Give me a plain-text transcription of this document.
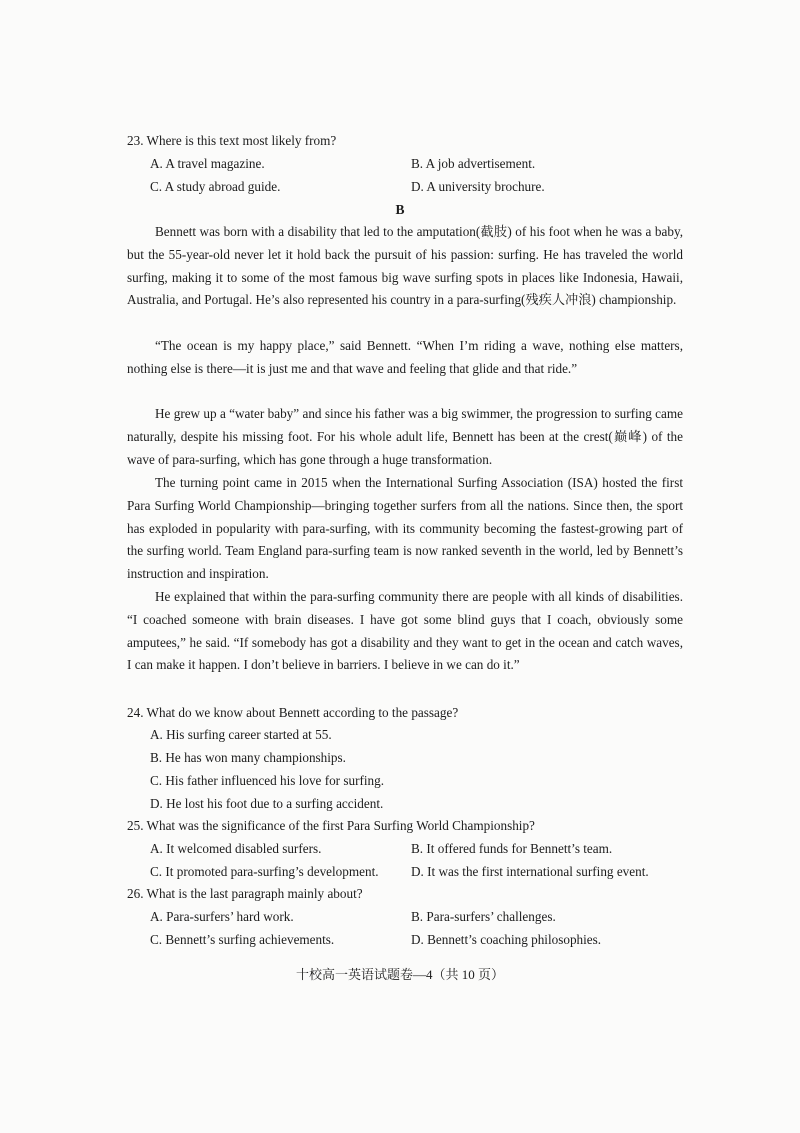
23. Where is this text most likely from?
A. A travel magazine.	B. A job advertisement.
C. A study abroad guide.	D. A university brochure.
B

Bennett was born with a disability that led to the amputation(截肢) of his foot when he was a baby, but the 55-year-old never let it hold back the pursuit of his passion: surfing. He has traveled the world surfing, making it to some of the most famous big wave surfing spots in places like Indonesia, Hawaii, Australia, and Portugal. He’s also represented his country in a para-surfing(残疾人冲浪) championship.

“The ocean is my happy place,” said Bennett. “When I’m riding a wave, nothing else matters, nothing else is there—it is just me and that wave and feeling that glide and that ride.”

He grew up a “water baby” and since his father was a big swimmer, the progression to surfing came naturally, despite his missing foot. For his whole adult life, Bennett has been at the crest(巅峰) of the wave of para-surfing, which has gone through a huge transformation.

The turning point came in 2015 when the International Surfing Association (ISA) hosted the first Para Surfing World Championship—bringing together surfers from all the nations. Since then, the sport has exploded in popularity with para-surfing, with its community becoming the fastest-growing part of the surfing world. Team England para-surfing team is now ranked seventh in the world, led by Bennett’s instruction and inspiration.

He explained that within the para-surfing community there are people with all kinds of disabilities. “I coached someone with brain diseases. I have got some blind guys that I coach, obviously some amputees,” he said. “If somebody has got a disability and they want to get in the ocean and catch waves, I can make it happen. I don’t believe in barriers. I believe in we can do it.”

24. What do we know about Bennett according to the passage?
A. His surfing career started at 55.
B. He has won many championships.
C. His father influenced his love for surfing.
D. He lost his foot due to a surfing accident.
25. What was the significance of the first Para Surfing World Championship?
A. It welcomed disabled surfers.	B. It offered funds for Bennett’s team.
C. It promoted para-surfing’s development. D. It was the first international surfing event.
26. What is the last paragraph mainly about?
A. Para-surfers’ hard work.	B. Para-surfers’ challenges.
C. Bennett’s surfing achievements.	D. Bennett’s coaching philosophies.
十校高一英语试题卷—4（共 10 页）
